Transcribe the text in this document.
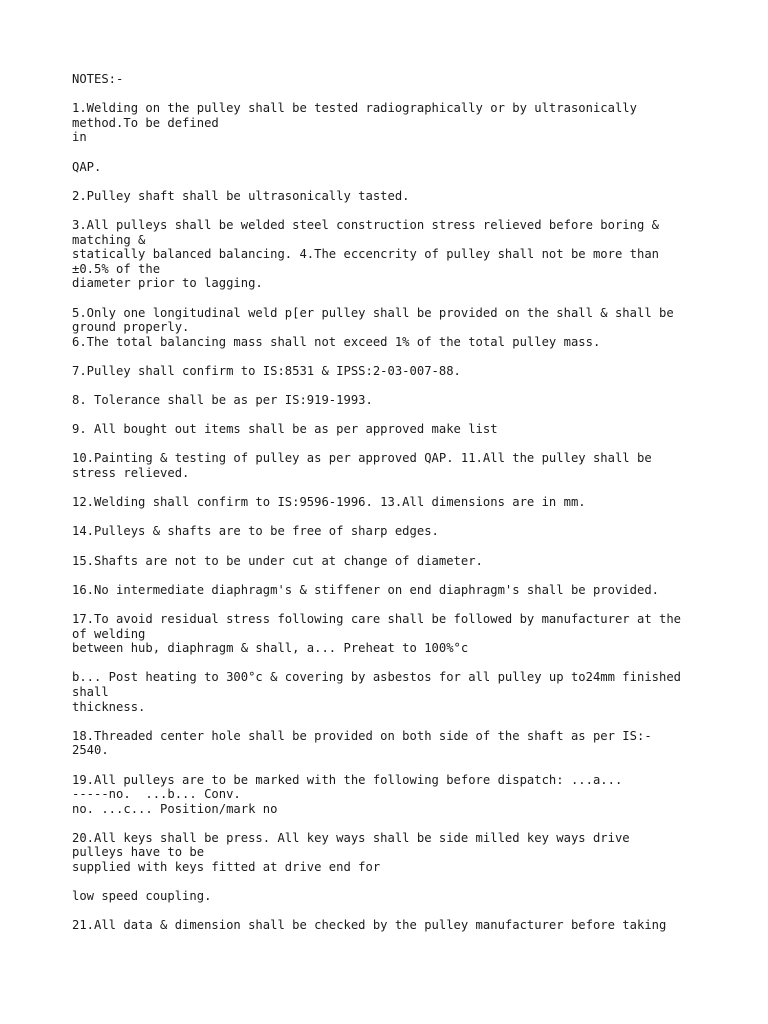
NOTES:-
1.Welding on the pulley shall be tested radiographically or by ultrasonically
method.To be defined
in
QAP.
2.Pulley shaft shall be ultrasonically tasted.
3.All pulleys shall be welded steel construction stress relieved before boring &
matching &
statically balanced balancing. 4.The eccencrity of pulley shall not be more than
±0.5% of the
diameter prior to lagging.
5.Only one longitudinal weld p[er pulley shall be provided on the shall & shall be
ground properly.
6.The total balancing mass shall not exceed 1% of the total pulley mass.
7.Pulley shall confirm to IS:8531 & IPSS:2-03-007-88.
8. Tolerance shall be as per IS:919-1993.
9. All bought out items shall be as per approved make list
10.Painting & testing of pulley as per approved QAP. 11.All the pulley shall be
stress relieved.
12.Welding shall confirm to IS:9596-1996. 13.All dimensions are in mm.
14.Pulleys & shafts are to be free of sharp edges.
15.Shafts are not to be under cut at change of diameter.
16.No intermediate diaphragm's & stiffener on end diaphragm's shall be provided.
17.To avoid residual stress following care shall be followed by manufacturer at the
of welding
between hub, diaphragm & shall, a... Preheat to 100%°c
b... Post heating to 300°c & covering by asbestos for all pulley up to24mm finished
shall
thickness.
18.Threaded center hole shall be provided on both side of the shaft as per IS:-
2540.
19.All pulleys are to be marked with the following before dispatch: ...a...
-----no.  ...b... Conv.
no. ...c... Position/mark no
20.All keys shall be press. All key ways shall be side milled key ways drive
pulleys have to be
supplied with keys fitted at drive end for
low speed coupling.
21.All data & dimension shall be checked by the pulley manufacturer before taking
